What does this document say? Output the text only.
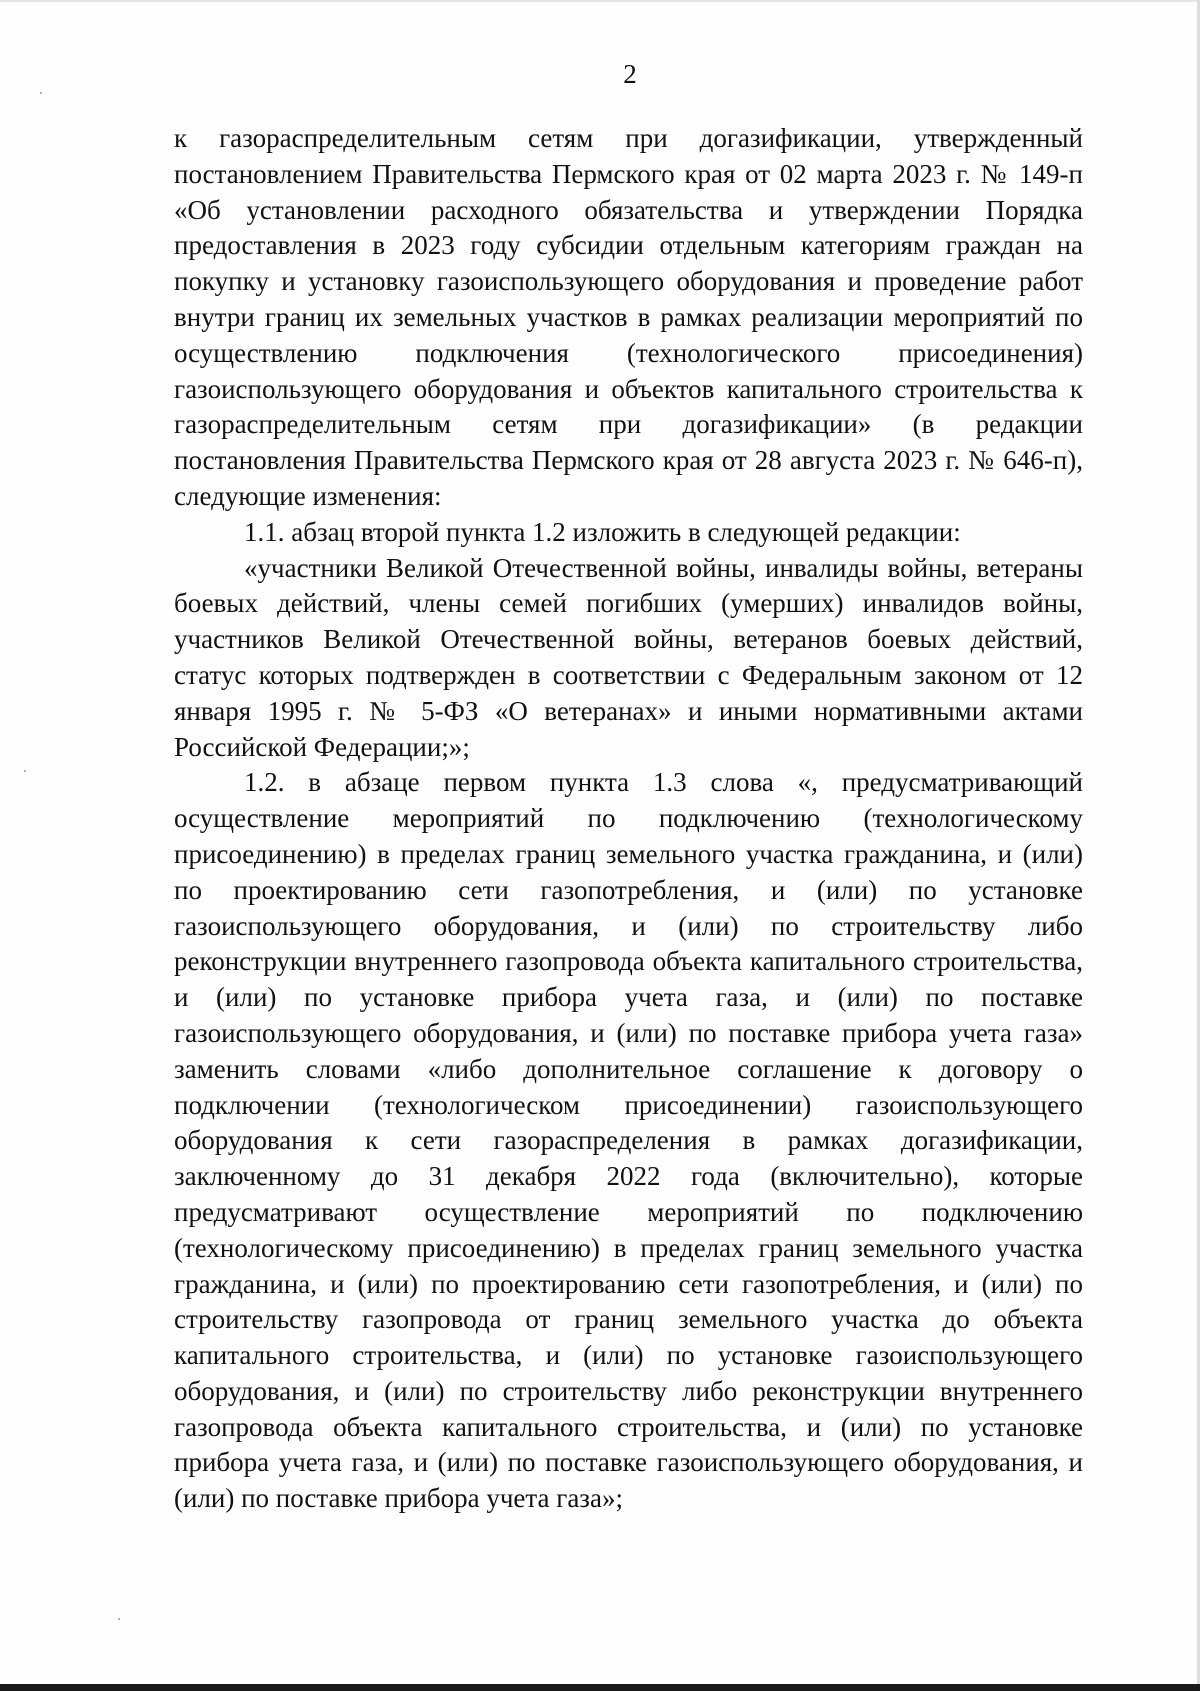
2

к газораспределительным сетям при догазификации, утвержденный постановлением Правительства Пермского края от 02 марта 2023 г. № 149-п «Об установлении расходного обязательства и утверждении Порядка предоставления в 2023 году субсидии отдельным категориям граждан на покупку и установку газоиспользующего оборудования и проведение работ внутри границ их земельных участков в рамках реализации мероприятий по осуществлению подключения (технологического присоединения) газоиспользующего оборудования и объектов капитального строительства к газораспределительным сетям при догазификации» (в редакции постановления Правительства Пермского края от 28 августа 2023 г. № 646-п), следующие изменения:

1.1. абзац второй пункта 1.2 изложить в следующей редакции:

«участники Великой Отечественной войны, инвалиды войны, ветераны боевых действий, члены семей погибших (умерших) инвалидов войны, участников Великой Отечественной войны, ветеранов боевых действий, статус которых подтвержден в соответствии с Федеральным законом от 12 января 1995 г. № 5-ФЗ «О ветеранах» и иными нормативными актами Российской Федерации;»;

1.2. в абзаце первом пункта 1.3 слова «, предусматривающий осуществление мероприятий по подключению (технологическому присоединению) в пределах границ земельного участка гражданина, и (или) по проектированию сети газопотребления, и (или) по установке газоиспользующего оборудования, и (или) по строительству либо реконструкции внутреннего газопровода объекта капитального строительства, и (или) по установке прибора учета газа, и (или) по поставке газоиспользующего оборудования, и (или) по поставке прибора учета газа» заменить словами «либо дополнительное соглашение к договору о подключении (технологическом присоединении) газоиспользующего оборудования к сети газораспределения в рамках догазификации, заключенному до 31 декабря 2022 года (включительно), которые предусматривают осуществление мероприятий по подключению (технологическому присоединению) в пределах границ земельного участка гражданина, и (или) по проектированию сети газопотребления, и (или) по строительству газопровода от границ земельного участка до объекта капитального строительства, и (или) по установке газоиспользующего оборудования, и (или) по строительству либо реконструкции внутреннего газопровода объекта капитального строительства, и (или) по установке прибора учета газа, и (или) по поставке газоиспользующего оборудования, и (или) по поставке прибора учета газа»;
